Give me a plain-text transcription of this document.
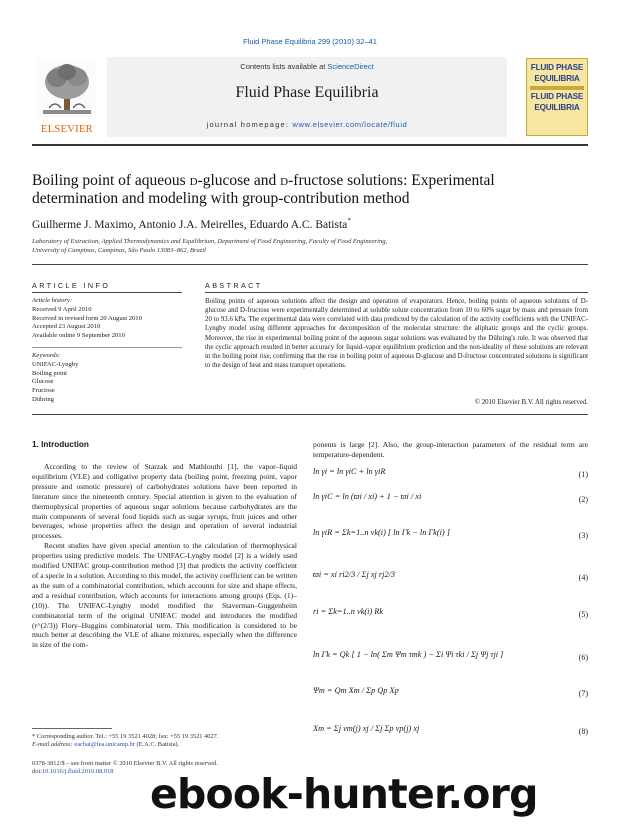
Fluid Phase Equilibria 299 (2010) 32–41
ELSEVIER
Contents lists available at ScienceDirect
Fluid Phase Equilibria
journal homepage: www.elsevier.com/locate/fluid
FLUID PHASE
EQUILIBRIA
FLUID PHASE
EQUILIBRIA
Boiling point of aqueous d-glucose and d-fructose solutions: Experimental
determination and modeling with group-contribution method
Guilherme J. Maximo, Antonio J.A. Meirelles, Eduardo A.C. Batista*
Laboratory of Extraction, Applied Thermodynamics and Equilibrium, Department of Food Engineering, Faculty of Food Engineering,
University of Campinas, Campinas, São Paulo 13083–862, Brazil
ARTICLE INFO	ABSTRACT
Article history:
Received 9 April 2010
Received in revised form 20 August 2010
Accepted 23 August 2010
Available online 9 September 2010
Keywords:
UNIFAC-Lyngby
Boiling point
Glucose
Fructose
Dühring
Boiling points of aqueous solutions affect the design and operation of evaporators. Hence, boiling points of aqueous solutions of D-glucose and D-fructose were experimentally determined at soluble solute concentration from 10 to 60% sugar by mass and pressure from 20 to 93.6 kPa. The experimental data were correlated with data predicted by the calculation of the activity coefficients with the UNIFAC-Lyngby model using different approaches for decomposition of the molecular structure: the aliphatic groups and the cyclic groups. Moreover, the rise in experimental boiling point of the aqueous sugar solutions was evaluated by the Dühring's rule. It was observed that the cyclic approach resulted in better accuracy for liquid–vapor equilibrium prediction and the non-ideality of these solutions are relevant in the boiling point rise, confirming that the rise in boiling point of aqueous D-glucose and D-fructose concentrated solutions is significant to the design of heat and mass transport operations.
© 2010 Elsevier B.V. All rights reserved.
1. Introduction

According to the review of Starzak and Mathlouthi [1], the vapor–liquid equilibrium (VLE) and colligative property data (boiling point, freezing point, vapor pressure and osmotic pressure) of carbohydrates solutions have been reported in literature since the nineteenth century. Special attention is given to the evaluation of thermophysical properties of aqueous sugar solutions because carbohydrates are the main components of several food liquids such as sugar syrups, fruit juices and other beverages, whose properties affect the design and operation of several industrial processes.

Recent studies have given special attention to the calculation of thermophysical properties using predictive models. The UNIFAC-Lyngby model [2] is a widely used modified UNIFAC group-contribution method [3] that predicts the activity coefficient of a specie in a solution. According to this model, the activity coefficient can be written as the sum of a combinatorial contribution, which accounts for size and shape effects, and a residual contribution, which accounts for interactions among groups (Eqs. (1)–(10)). The UNIFAC-Lyngby model modified the Staverman–Guggenheim combinatorial term of the original UNIFAC model and introduces the modified (r^(2/3)) Flory–Huggins combinatorial term. This modification is considered to be much better at describing the VLE of alkane mixtures, especially when the difference in size of the com-

ponents is large [2]. Also, the group-interaction parameters of the residual term are temperature-dependent.
ln γi = ln γiC + ln γiR	(1)
ln γiC = ln (ϖi / xi) + 1 − ϖi / xi	(2)
ln γiR = Σk=1..n νk(i) [ ln Γk − ln Γk(i) ]	(3)
ϖi = xi ri2/3 / Σj xj rj2/3	(4)
ri = Σk=1..n νk(i) Rk	(5)
ln Γk = Qk [ 1 − ln( Σm Ψm τmk ) − Σi Ψi τki / Σj Ψj τji ]	(6)
Ψm = Qm Xm / Σp Qp Xp	(7)
Xm = Σj νm(j) xj / Σj Σp νp(j) xj	(8)
* Corresponding author. Tel.: +55 19 3521 4028; fax: +55 19 3521 4027.
E-mail address: eacbat@fea.unicamp.br (E.A.C. Batista).
0378-3812/$ – see front matter © 2010 Elsevier B.V. All rights reserved.
doi:10.1016/j.fluid.2010.08.018 ebook-hunter.org
